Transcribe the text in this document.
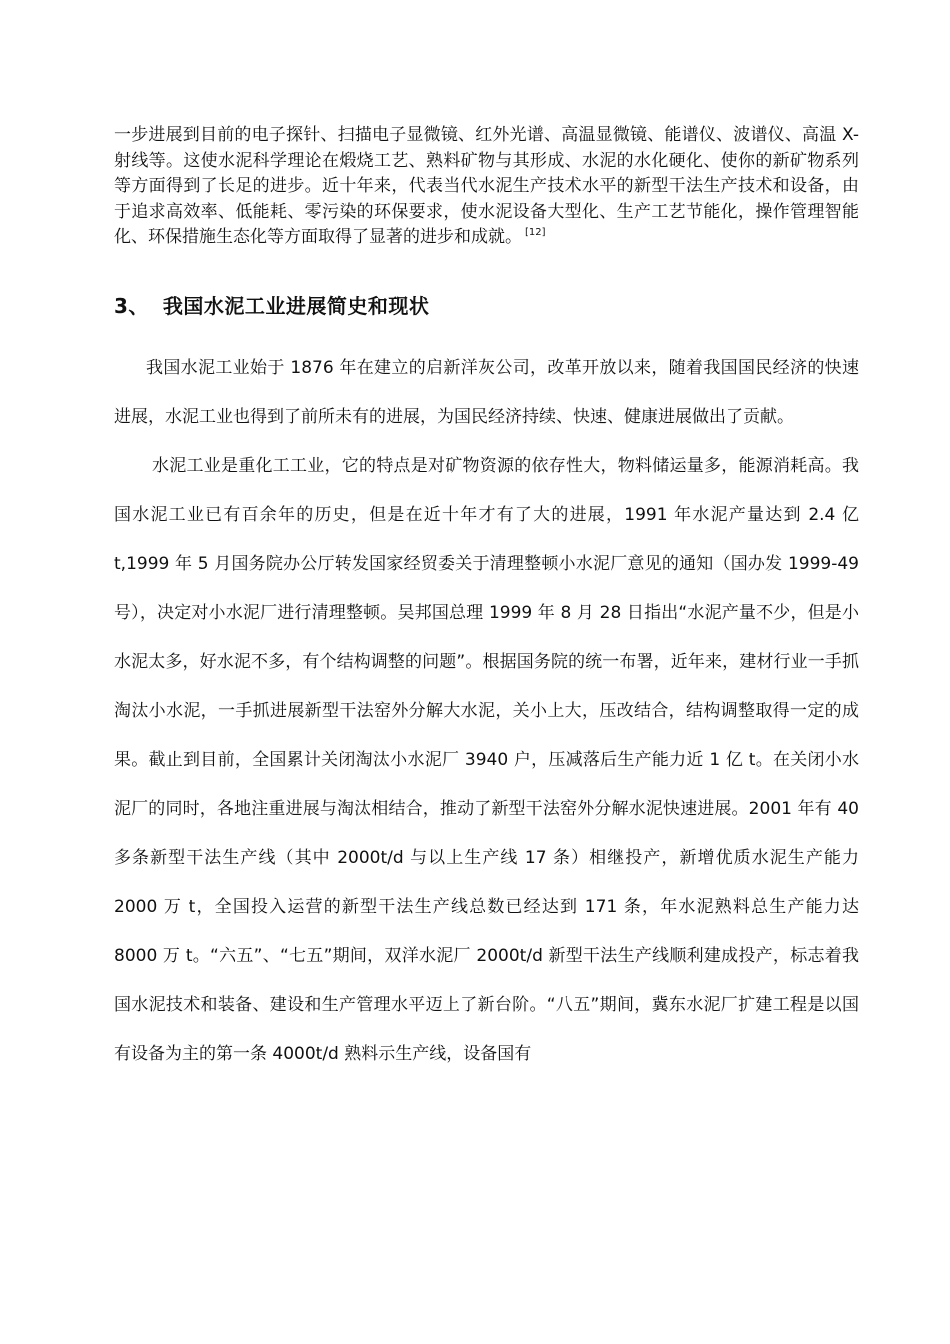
一步进展到目前的电子探针、扫描电子显微镜、红外光谱、高温显微镜、能谱仪、波谱仪、高温 X-射线等。这使水泥科学理论在煅烧工艺、熟料矿物与其形成、水泥的水化硬化、使你的新矿物系列等方面得到了长足的进步。近十年来，代表当代水泥生产技术水平的新型干法生产技术和设备，由于追求高效率、低能耗、零污染的环保要求，使水泥设备大型化、生产工艺节能化，操作管理智能化、环保措施生态化等方面取得了显著的进步和成就。 [12]

3、 我国水泥工业进展简史和现状

我国水泥工业始于 1876 年在建立的启新洋灰公司，改革开放以来，随着我国国民经济的快速进展，水泥工业也得到了前所未有的进展，为国民经济持续、快速、健康进展做出了贡献。

水泥工业是重化工工业，它的特点是对矿物资源的依存性大，物料储运量多，能源消耗高。我国水泥工业已有百余年的历史，但是在近十年才有了大的进展，1991 年水泥产量达到 2.4 亿 t,1999 年 5 月国务院办公厅转发国家经贸委关于清理整顿小水泥厂意见的通知（国办发 1999-49 号），决定对小水泥厂进行清理整顿。吴邦国总理 1999 年 8 月 28 日指出“水泥产量不少，但是小水泥太多，好水泥不多，有个结构调整的问题”。根据国务院的统一布署，近年来，建材行业一手抓淘汰小水泥，一手抓进展新型干法窑外分解大水泥，关小上大，压改结合，结构调整取得一定的成果。截止到目前，全国累计关闭淘汰小水泥厂 3940 户，压减落后生产能力近 1 亿 t。在关闭小水泥厂的同时，各地注重进展与淘汰相结合，推动了新型干法窑外分解水泥快速进展。2001 年有 40 多条新型干法生产线（其中 2000t/d 与以上生产线 17 条）相继投产，新增优质水泥生产能力 2000 万 t，全国投入运营的新型干法生产线总数已经达到 171 条，年水泥熟料总生产能力达 8000 万 t。“六五”、“七五”期间，双洋水泥厂 2000t/d 新型干法生产线顺利建成投产，标志着我国水泥技术和装备、建设和生产管理水平迈上了新台阶。“八五”期间，冀东水泥厂扩建工程是以国有设备为主的第一条 4000t/d 熟料示生产线，设备国有
